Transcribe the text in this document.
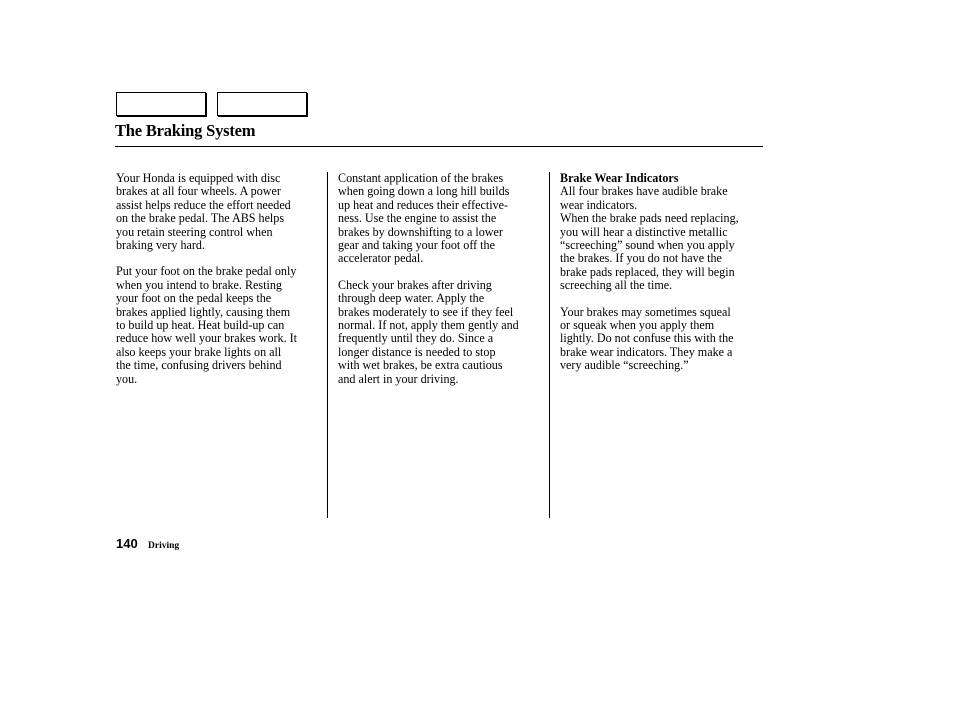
The Braking System

Your Honda is equipped with disc
brakes at all four wheels. A power
assist helps reduce the effort needed
on the brake pedal. The ABS helps
you retain steering control when
braking very hard.

Put your foot on the brake pedal only
when you intend to brake. Resting
your foot on the pedal keeps the
brakes applied lightly, causing them
to build up heat. Heat build-up can
reduce how well your brakes work. It
also keeps your brake lights on all
the time, confusing drivers behind
you.

Constant application of the brakes
when going down a long hill builds
up heat and reduces their effective-
ness. Use the engine to assist the
brakes by downshifting to a lower
gear and taking your foot off the
accelerator pedal.

Check your brakes after driving
through deep water. Apply the
brakes moderately to see if they feel
normal. If not, apply them gently and
frequently until they do. Since a
longer distance is needed to stop
with wet brakes, be extra cautious
and alert in your driving.

Brake Wear Indicators

All four brakes have audible brake
wear indicators.
When the brake pads need replacing,
you will hear a distinctive metallic
“screeching” sound when you apply
the brakes. If you do not have the
brake pads replaced, they will begin
screeching all the time.

Your brakes may sometimes squeal
or squeak when you apply them
lightly. Do not confuse this with the
brake wear indicators. They make a
very audible “screeching.”

140 Driving
